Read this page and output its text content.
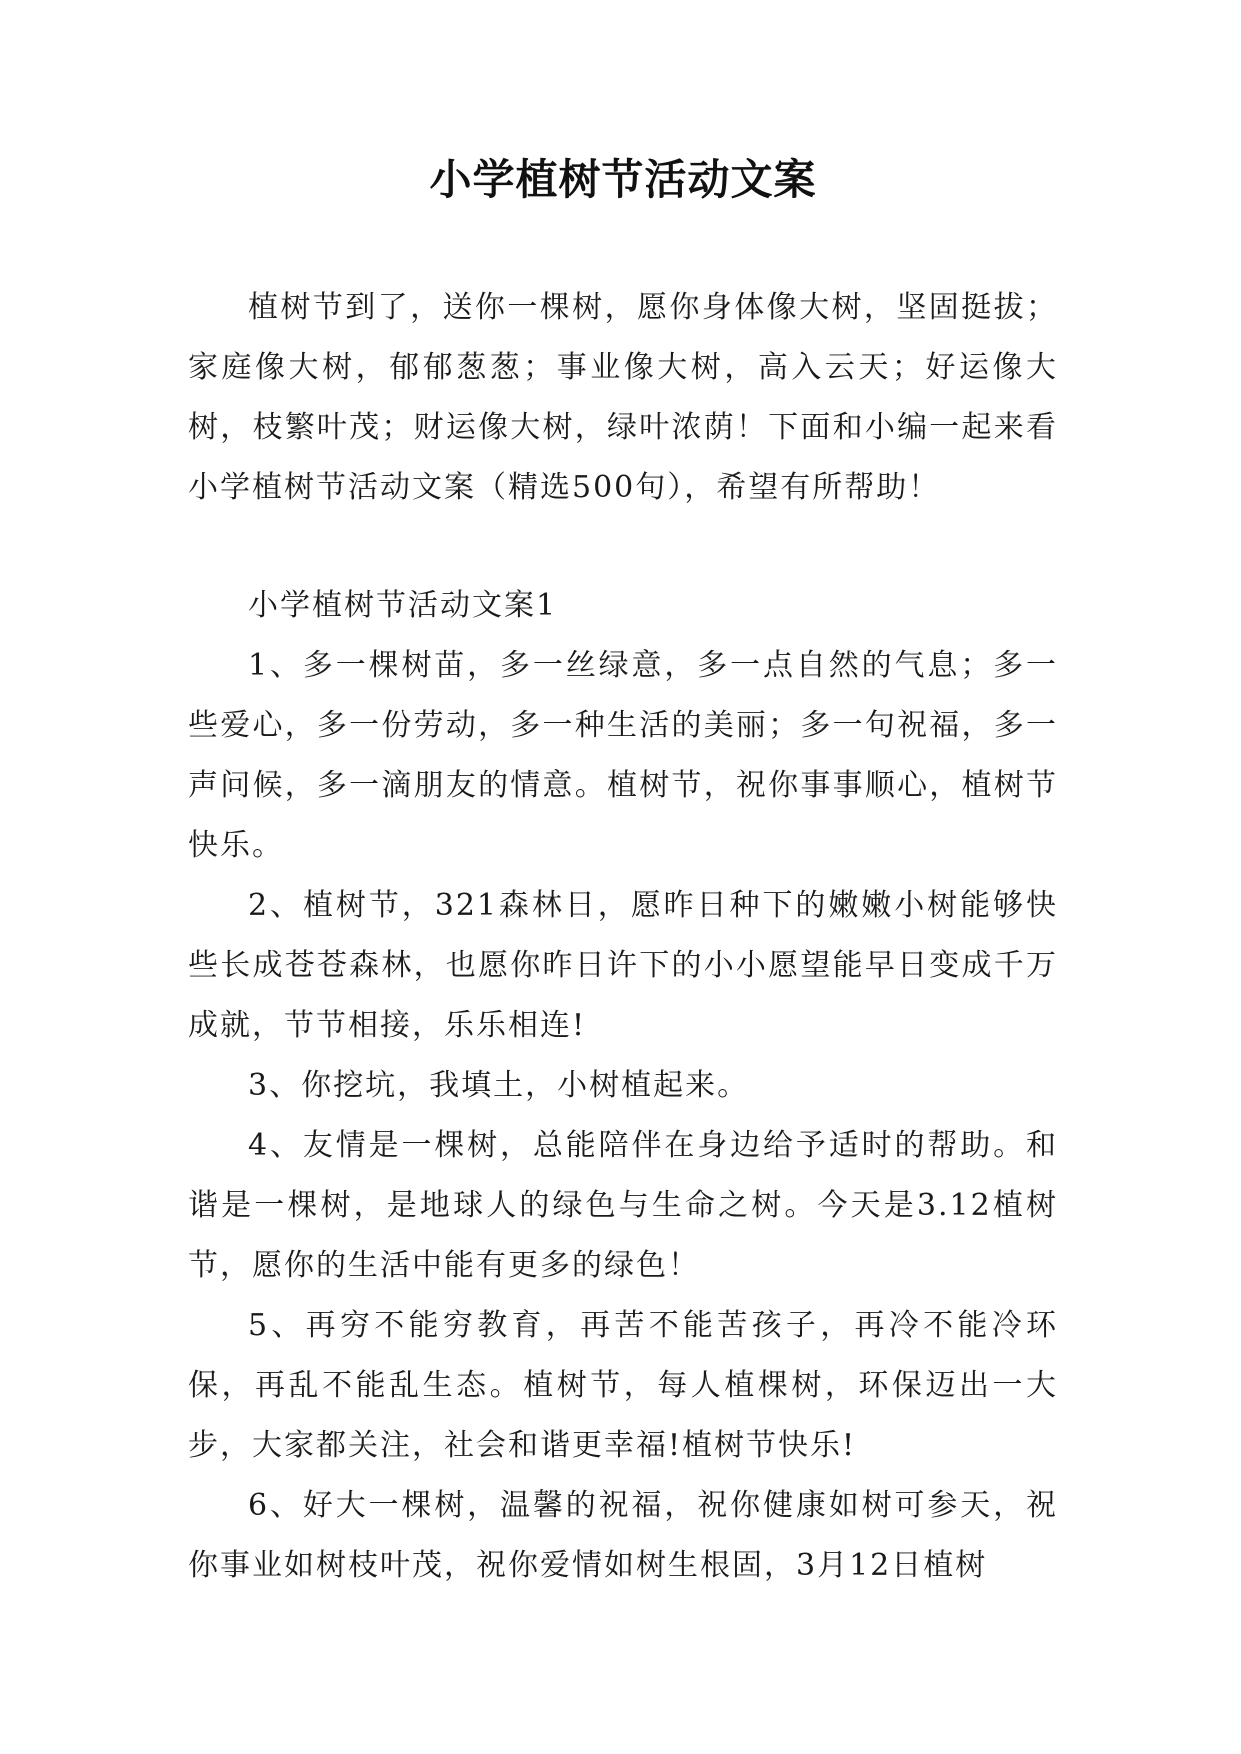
小学植树节活动文案

植树节到了，送你一棵树，愿你身体像大树，坚固挺拔；家庭像大树，郁郁葱葱；事业像大树，高入云天；好运像大树，枝繁叶茂；财运像大树，绿叶浓荫！下面和小编一起来看小学植树节活动文案（精选500句），希望有所帮助！

小学植树节活动文案1

1、多一棵树苗，多一丝绿意，多一点自然的气息；多一些爱心，多一份劳动，多一种生活的美丽；多一句祝福，多一声问候，多一滴朋友的情意。植树节，祝你事事顺心，植树节快乐。

2、植树节，321森林日，愿昨日种下的嫩嫩小树能够快些长成苍苍森林，也愿你昨日许下的小小愿望能早日变成千万成就，节节相接，乐乐相连!

3、你挖坑，我填土，小树植起来。

4、友情是一棵树，总能陪伴在身边给予适时的帮助。和谐是一棵树，是地球人的绿色与生命之树。今天是3.12植树节，愿你的生活中能有更多的绿色！

5、再穷不能穷教育，再苦不能苦孩子，再冷不能冷环保，再乱不能乱生态。植树节，每人植棵树，环保迈出一大步，大家都关注，社会和谐更幸福!植树节快乐!

6、好大一棵树，温馨的祝福，祝你健康如树可参天，祝你事业如树枝叶茂，祝你爱情如树生根固，3月12日植树
